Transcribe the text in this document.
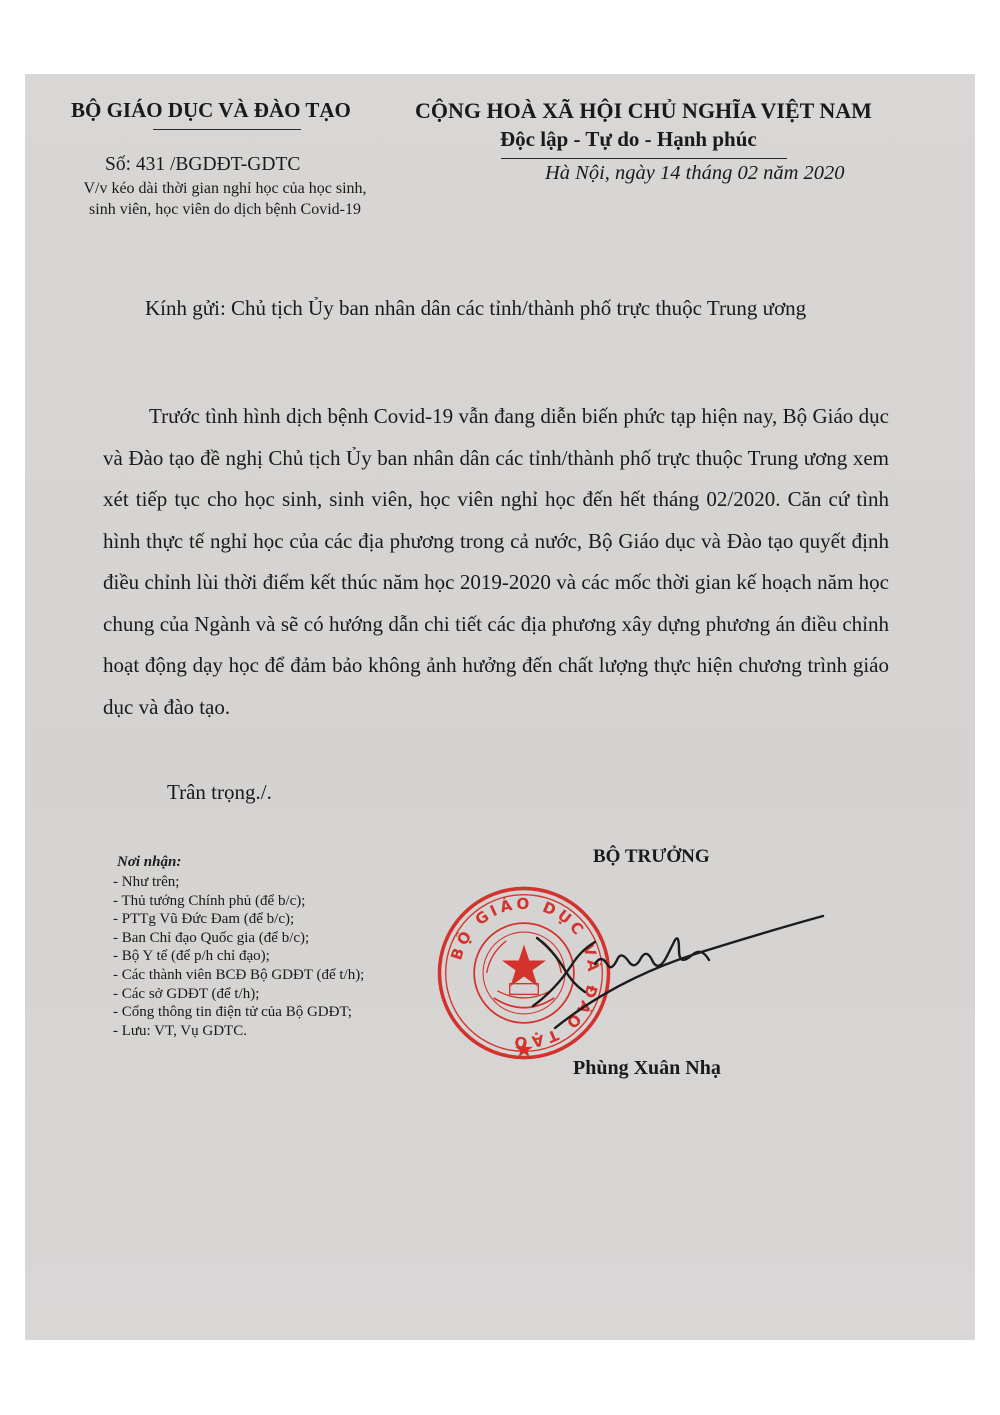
BỘ GIÁO DỤC VÀ ĐÀO TẠO
Số: 431 /BGDĐT-GDTC
V/v kéo dài thời gian nghỉ học của học sinh,
sinh viên, học viên do dịch bệnh Covid-19
CỘNG HOÀ XÃ HỘI CHỦ NGHĨA VIỆT NAM
Độc lập - Tự do - Hạnh phúc
Hà Nội, ngày 14 tháng 02 năm 2020
Kính gửi: Chủ tịch Ủy ban nhân dân các tỉnh/thành phố trực thuộc Trung ương

Trước tình hình dịch bệnh Covid-19 vẫn đang diễn biến phức tạp hiện nay, Bộ Giáo dục và Đào tạo đề nghị Chủ tịch Ủy ban nhân dân các tỉnh/thành phố trực thuộc Trung ương xem xét tiếp tục cho học sinh, sinh viên, học viên nghỉ học đến hết tháng 02/2020. Căn cứ tình hình thực tế nghỉ học của các địa phương trong cả nước, Bộ Giáo dục và Đào tạo quyết định điều chỉnh lùi thời điểm kết thúc năm học 2019-2020 và các mốc thời gian kế hoạch năm học chung của Ngành và sẽ có hướng dẫn chi tiết các địa phương xây dựng phương án điều chỉnh hoạt động dạy học để đảm bảo không ảnh hưởng đến chất lượng thực hiện chương trình giáo dục và đào tạo.

Trân trọng./.
Nơi nhận:
- Như trên;
- Thủ tướng Chính phủ (để b/c);
- PTTg Vũ Đức Đam (để b/c);
- Ban Chỉ đạo Quốc gia (để b/c);
- Bộ Y tế (để p/h chỉ đạo);
- Các thành viên BCĐ Bộ GDĐT (để t/h);
- Các sở GDĐT (để t/h);
- Cổng thông tin điện tử của Bộ GDĐT;
- Lưu: VT, Vụ GDTC.
BỘ TRƯỞNG
BỘ GIÁO DỤC VÀ ĐÀO TẠO
Phùng Xuân Nhạ
